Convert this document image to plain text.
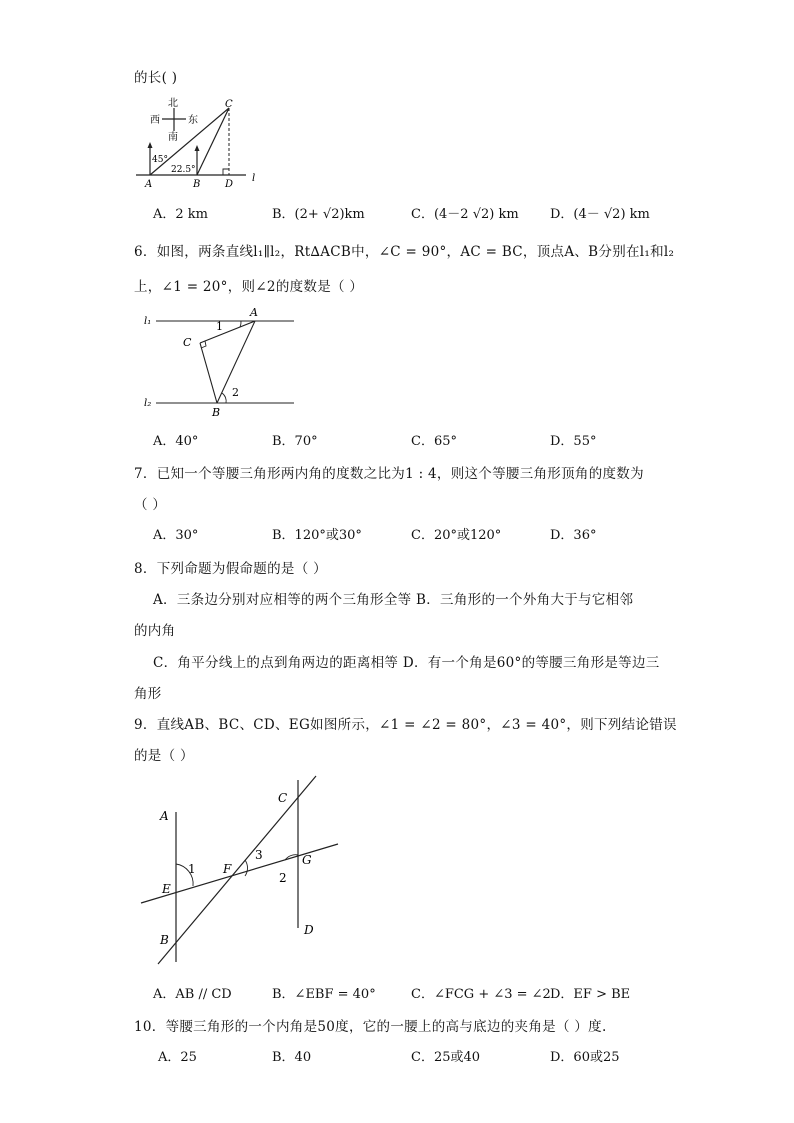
的长( )
北
西	东
南
45°
22.5°
A	B
C
D
l
A．2 km	B．(2+ √2)km	C．(4－2 √2) km D．(4－ √2) km
6．如图，两条直线l₁∥l₂，Rt∆ACB中，∠C = 90°，AC = BC，顶点A、B分别在l₁和l₂
上，∠1 = 20°，则∠2的度数是（ ）
l₁
l₂
A
C
B
1
2
A．40°	B．70°	C．65°	D．55°
7．已知一个等腰三角形两内角的度数之比为1 : 4，则这个等腰三角形顶角的度数为
（ ）
A．30°	B．120°或30°	C．20°或120°	D．36°
8．下列命题为假命题的是（ ）
A．三条边分别对应相等的两个三角形全等 B．三角形的一个外角大于与它相邻
的内角
C．角平分线上的点到角两边的距离相等 D．有一个角是60°的等腰三角形是等边三
角形
9．直线AB、BC、CD、EG如图所示，∠1 = ∠2 = 80°，∠3 = 40°，则下列结论错误
的是（ ）
A
B
C
D
E
F
G
1
2
3
A．AB // CD	B．∠EBF = 40°	C．∠FCG + ∠3 = ∠2 D．EF > BE
10．等腰三角形的一个内角是50度，它的一腰上的高与底边的夹角是（ ）度.
A．25	B．40	C．25或40	D．60或25
